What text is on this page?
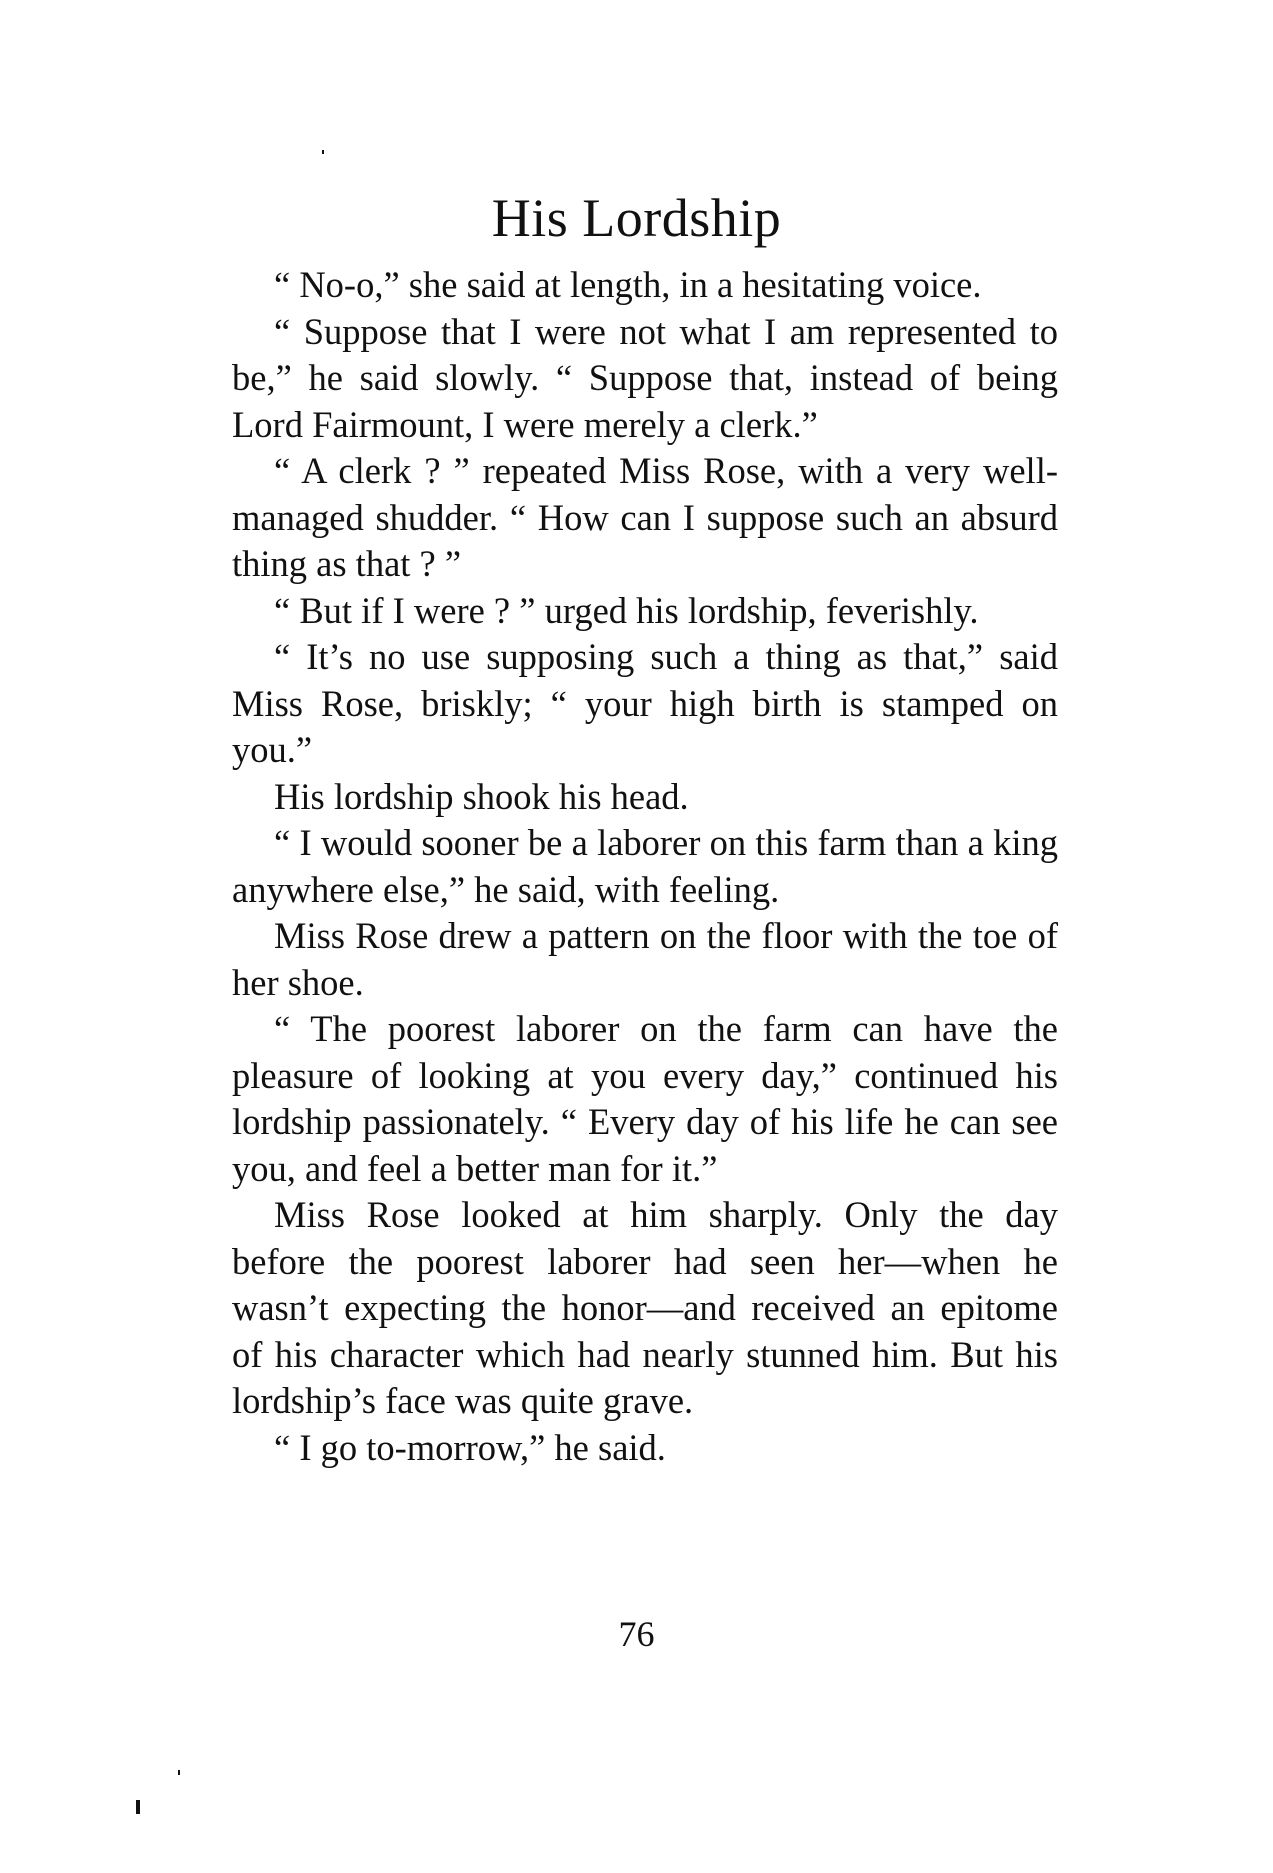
His Lordship

“ No-o,” she said at length, in a hesitating voice.

“ Suppose that I were not what I am represented to be,” he said slowly. “ Suppose that, instead of being Lord Fairmount, I were merely a clerk.”

“ A clerk ? ” repeated Miss Rose, with a very well-managed shudder. “ How can I suppose such an absurd thing as that ? ”

“ But if I were ? ” urged his lordship, feverishly.

“ It’s no use supposing such a thing as that,” said Miss Rose, briskly; “ your high birth is stamped on you.”

His lordship shook his head.

“ I would sooner be a laborer on this farm than a king anywhere else,” he said, with feeling.

Miss Rose drew a pattern on the floor with the toe of her shoe.

“ The poorest laborer on the farm can have the pleasure of looking at you every day,” continued his lordship passionately. “ Every day of his life he can see you, and feel a better man for it.”

Miss Rose looked at him sharply. Only the day before the poorest laborer had seen her—when he wasn’t expecting the honor—and received an epitome of his character which had nearly stunned him. But his lordship’s face was quite grave.

“ I go to-morrow,” he said.

76
